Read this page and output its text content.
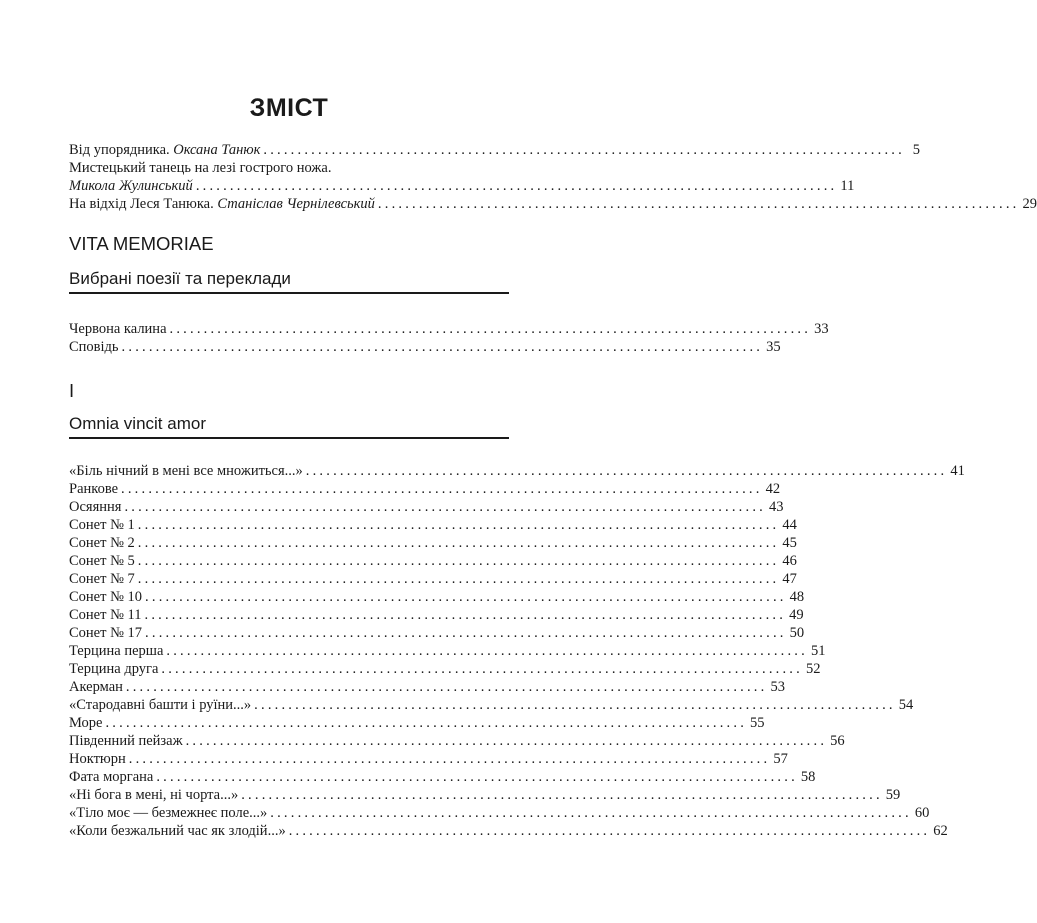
ЗМІСТ
Від упорядника. Оксана Танюк .............................................................................................. 5
Мистецький танець на лезі гострого ножа.
Микола Жулинський .............................................................................................. 11
На відхід Леся Танюка. Станіслав Чернілевський .............................................................................................. 29
VITA MEMORIAE
Вибрані поезії та переклади
Червона калина .............................................................................................. 33
Сповідь .............................................................................................. 35
I
Omnia vincit amor
«Біль нічний в мені все множиться...» .............................................................................................. 41
Ранкове .............................................................................................. 42
Осяяння .............................................................................................. 43
Сонет № 1 .............................................................................................. 44
Сонет № 2 .............................................................................................. 45
Сонет № 5 .............................................................................................. 46
Сонет № 7 .............................................................................................. 47
Сонет № 10 .............................................................................................. 48
Сонет № 11 .............................................................................................. 49
Сонет № 17 .............................................................................................. 50
Терцина перша .............................................................................................. 51
Терцина друга .............................................................................................. 52
Акерман .............................................................................................. 53
«Стародавні башти і руїни...» .............................................................................................. 54
Море .............................................................................................. 55
Південний пейзаж .............................................................................................. 56
Ноктюрн .............................................................................................. 57
Фата моргана .............................................................................................. 58
«Ні бога в мені, ні чорта...» .............................................................................................. 59
«Тіло моє — безмежнеє поле...» .............................................................................................. 60
«Коли безжальний час як злодій...» .............................................................................................. 62
